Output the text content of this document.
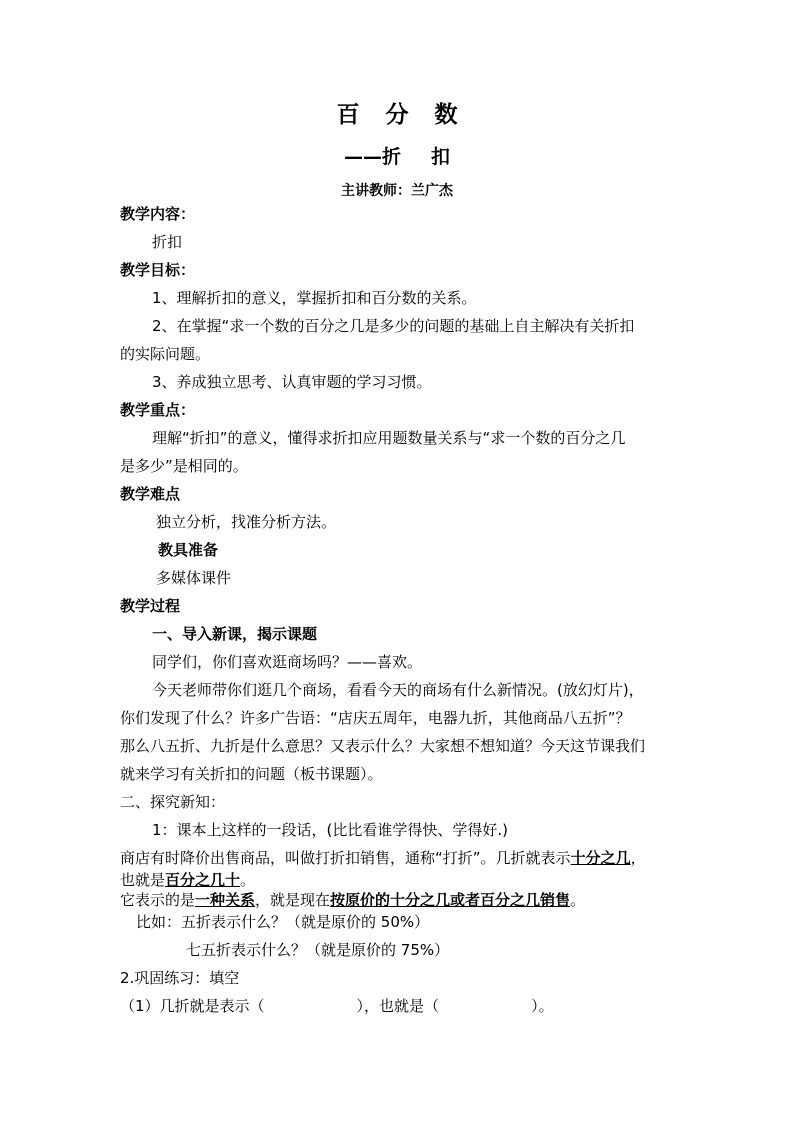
百分数
——折 扣
主讲教师：兰广杰
教学内容：
折扣
教学目标：
1、理解折扣的意义，掌握折扣和百分数的关系。
2、在掌握“求一个数的百分之几是多少的问题的基础上自主解决有关折扣
的实际问题。
3、养成独立思考、认真审题的学习习惯。
教学重点：
理解“折扣”的意义，懂得求折扣应用题数量关系与“求一个数的百分之几
是多少”是相同的。
教学难点
独立分析，找准分析方法。
教具准备
多媒体课件
教学过程
一、导入新课，揭示课题
同学们，你们喜欢逛商场吗？——喜欢。
今天老师带你们逛几个商场，看看今天的商场有什么新情况。(放幻灯片)，
你们发现了什么？许多广告语：“店庆五周年，电器九折，其他商品八五折”？
那么八五折、九折是什么意思？又表示什么？大家想不想知道？今天这节课我们
就来学习有关折扣的问题（板书课题）。
二、探究新知：
1：课本上这样的一段话，(比比看谁学得快、学得好.)
商店有时降价出售商品，叫做打折扣销售，通称“打折”。几折就表示十分之几，
也就是百分之几十。
它表示的是一种关系，就是现在按原价的十分之几或者百分之几销售。
比如：五折表示什么？（就是原价的 50%）
七五折表示什么？（就是原价的 75%）
2.巩固练习：填空
（1）几折就是表示（	），也就是（	）。
